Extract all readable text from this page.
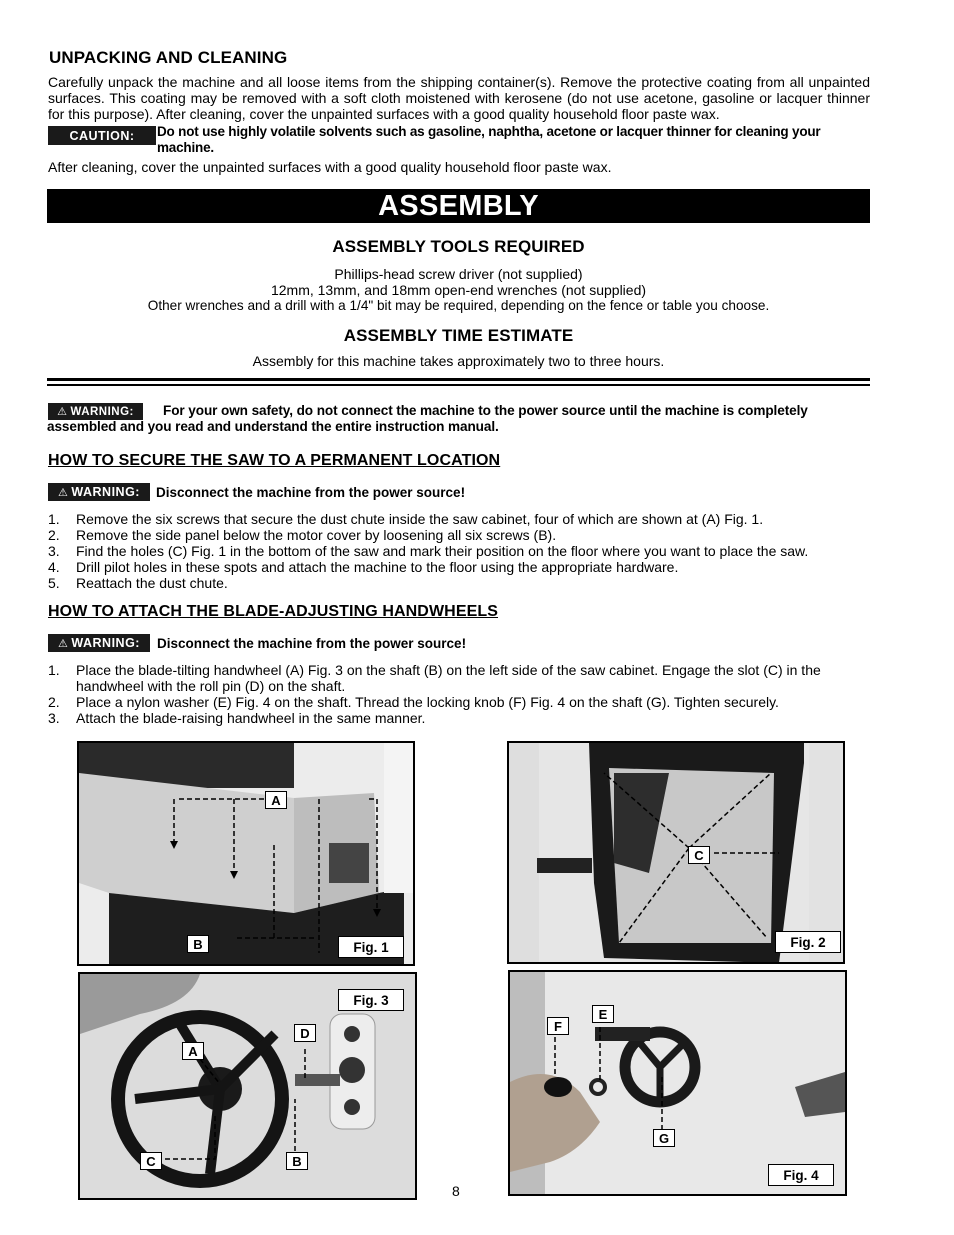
UNPACKING AND CLEANING
Carefully unpack the machine and all loose items from the shipping container(s). Remove the protective coating from all unpainted surfaces. This coating may be removed with a soft cloth moistened with kerosene (do not use acetone, gasoline or lacquer thinner for this purpose). After cleaning, cover the unpainted surfaces with a good quality household floor paste wax.
CAUTION: Do not use highly volatile solvents such as gasoline, naphtha, acetone or lacquer thinner for cleaning your machine.
After cleaning, cover the unpainted surfaces with a good quality household floor paste wax.
ASSEMBLY
ASSEMBLY TOOLS REQUIRED
Phillips-head screw driver (not supplied)
12mm, 13mm, and 18mm open-end wrenches (not supplied)
Other wrenches and a drill with a 1/4" bit may be required, depending on the fence or table you choose.
ASSEMBLY TIME ESTIMATE
Assembly for this machine takes approximately two to three hours.
⚠ WARNING:	For your own safety, do not connect the machine to the power source until the machine is completely assembled and you read and understand the entire instruction manual.
HOW TO SECURE THE SAW TO A PERMANENT LOCATION
⚠ WARNING: Disconnect the machine from the power source!
1. Remove the six screws that secure the dust chute inside the saw cabinet, four of which are shown at (A) Fig. 1.
2. Remove the side panel below the motor cover by loosening all six screws (B).
3. Find the holes (C) Fig. 1 in the bottom of the saw and mark their position on the floor where you want to place the saw.
4. Drill pilot holes in these spots and attach the machine to the floor using the appropriate hardware.
5. Reattach the dust chute.
HOW TO ATTACH THE BLADE-ADJUSTING HANDWHEELS
⚠ WARNING: Disconnect the machine from the power source!
1. Place the blade-tilting handwheel (A) Fig. 3 on the shaft (B) on the left side of the saw cabinet. Engage the slot (C) in the handwheel with the roll pin (D) on the shaft.
2. Place a nylon washer (E) Fig. 4 on the shaft. Thread the locking knob (F) Fig. 4 on the shaft (G). Tighten securely.
3. Attach the blade-raising handwheel in the same manner.
A
B	Fig. 1
C
Fig. 2
A
B
C
D
Fig. 3
F
E
G
Fig. 4
8
